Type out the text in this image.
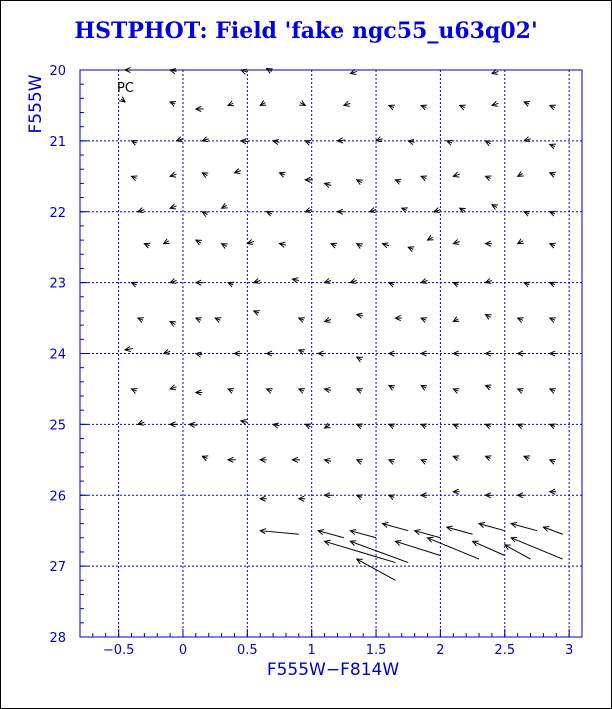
HSTPHOT: Field 'fake ngc55_u63q02'
−0.5	0	0.5	1	1.5	2	2.5	3
20
21
22
23
24
25
26
27
28
PC
F555W−F814W
F555W
